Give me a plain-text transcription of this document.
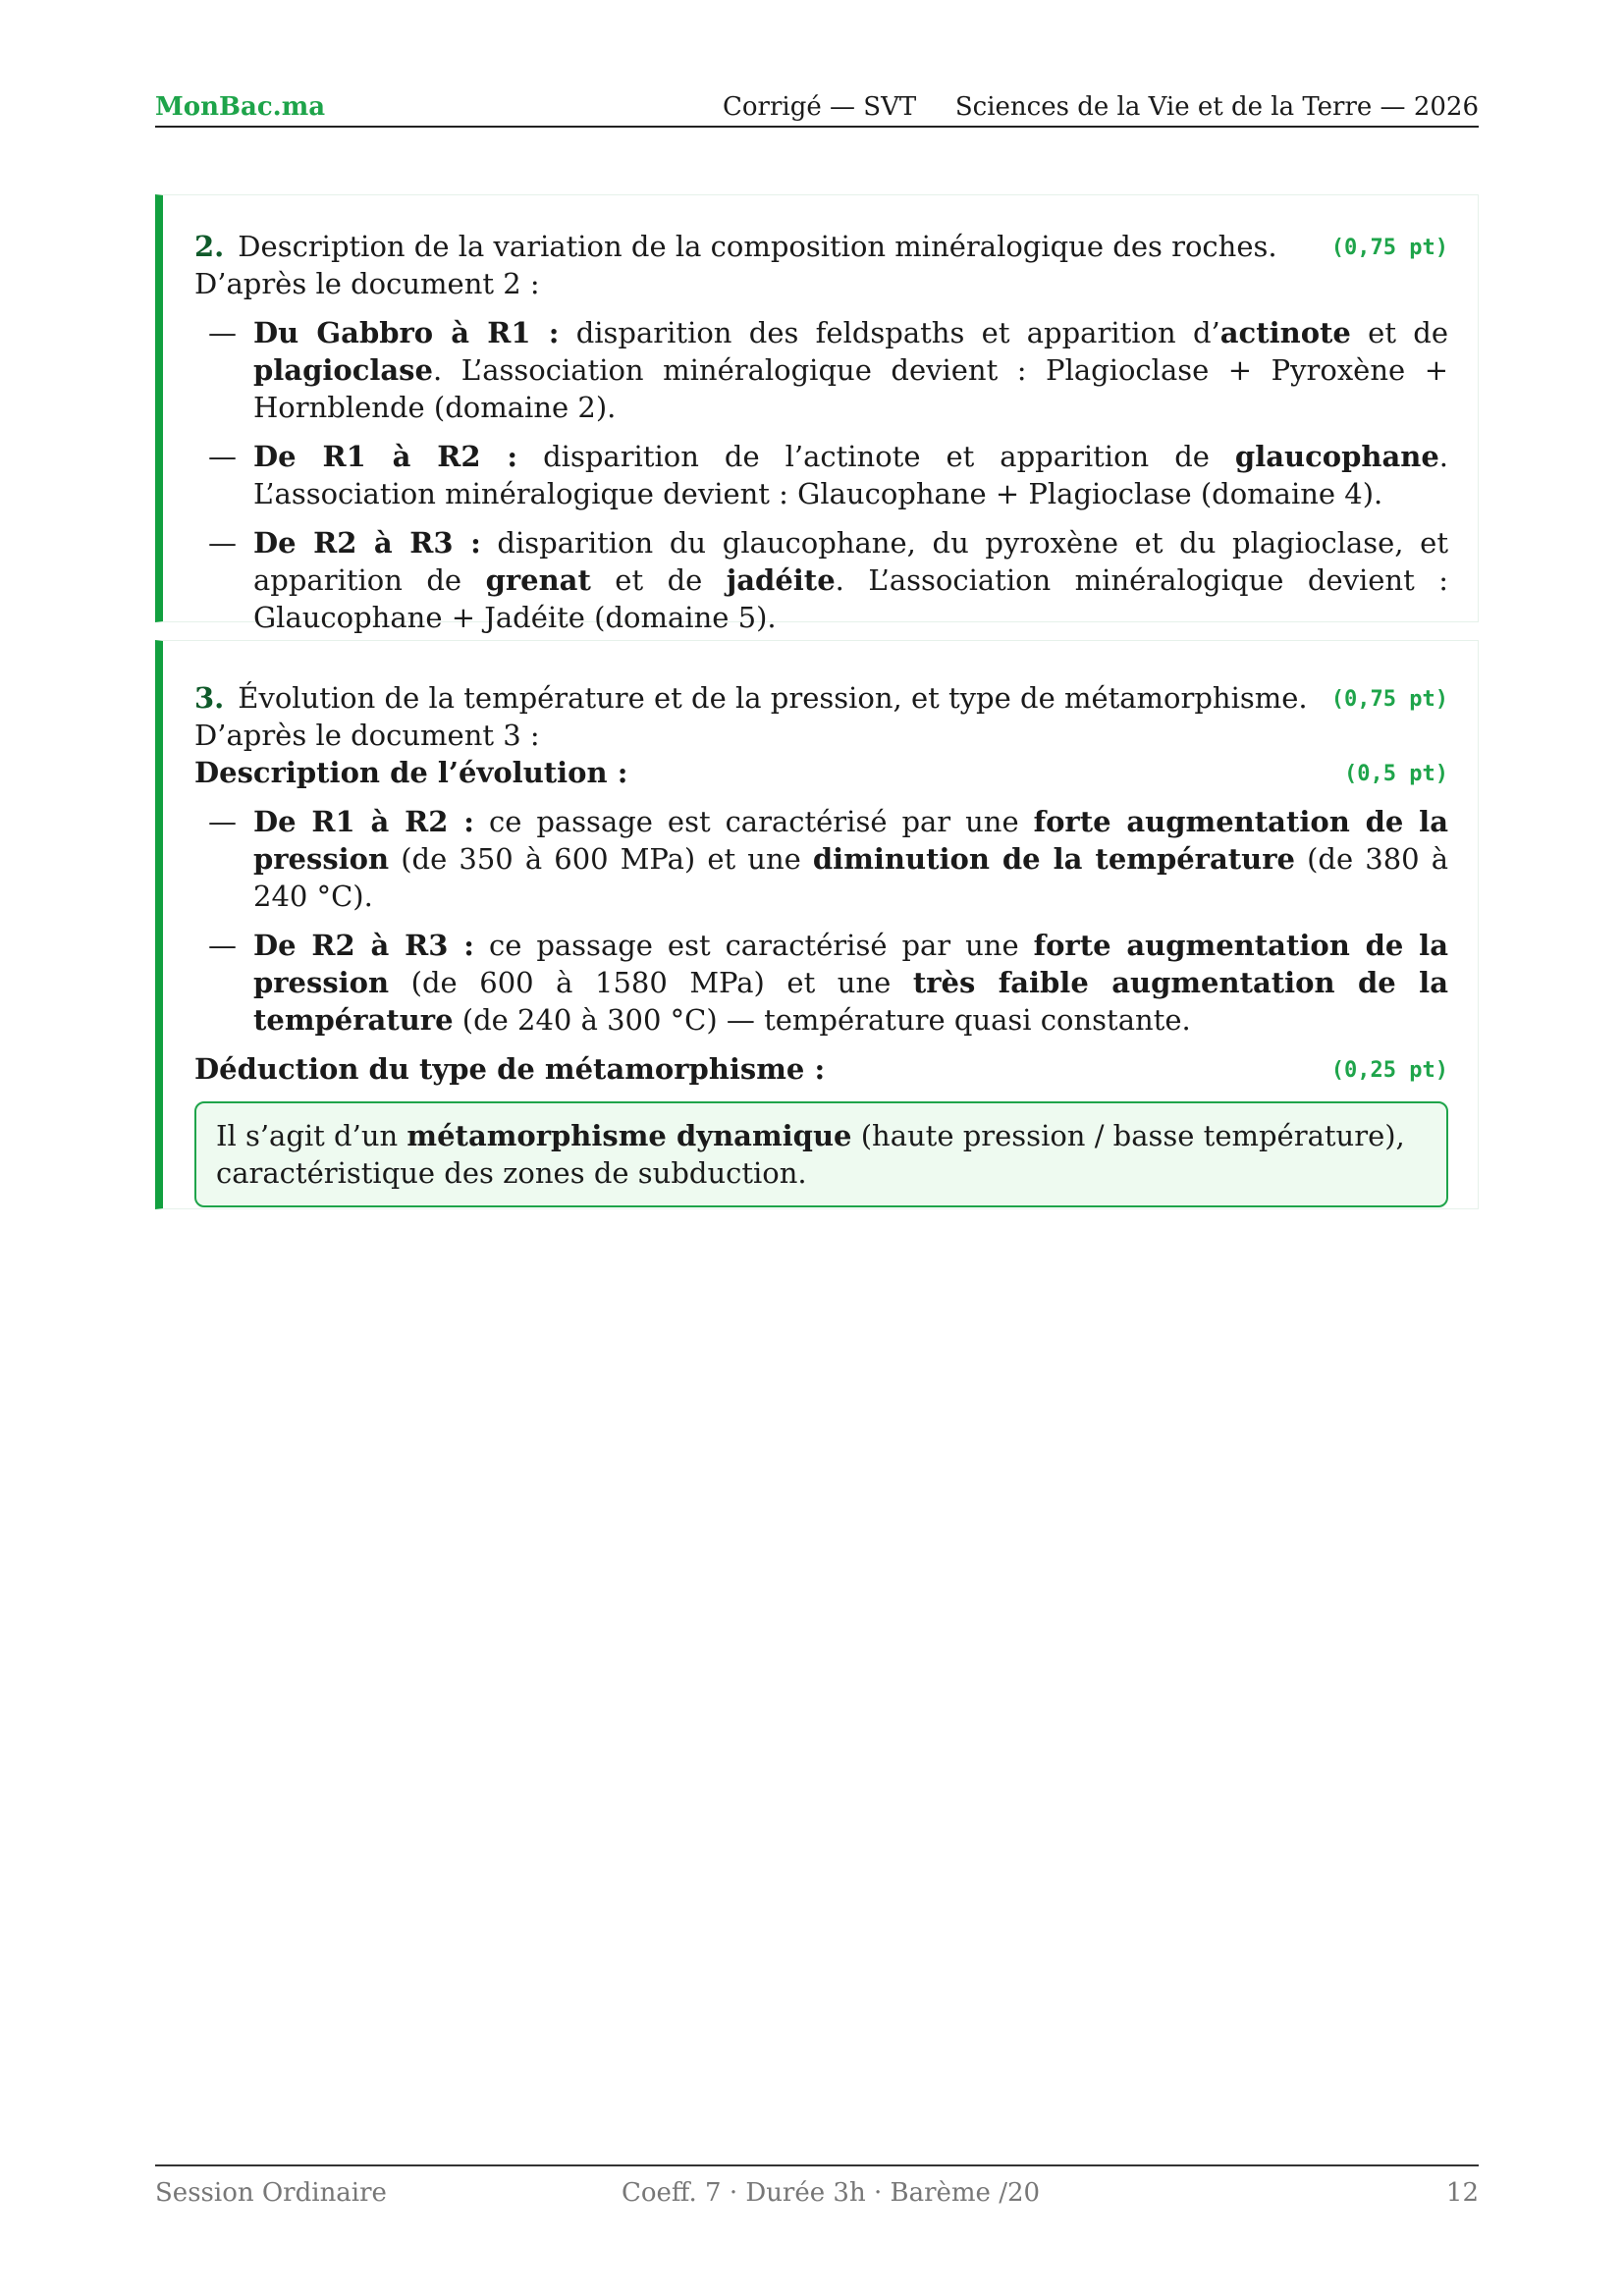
MonBac.ma	Corrigé — SVT	Sciences de la Vie et de la Terre — 2026
2. Description de la variation de la composition minéralogique des roches.	(0,75 pt)
D’après le document 2 :
— Du Gabbro à R1 : disparition des feldspaths et apparition d’actinote et de plagioclase. L’association minéralogique devient : Plagioclase + Pyroxène + Hornblende (domaine 2).
— De R1 à R2 : disparition de l’actinote et apparition de glaucophane. L’association minéralogique devient : Glaucophane + Plagioclase (domaine 4).
— De R2 à R3 : disparition du glaucophane, du pyroxène et du plagioclase, et apparition de grenat et de jadéite. L’association minéralogique devient : Glaucophane + Jadéite (domaine 5).
3. Évolution de la température et de la pression, et type de métamorphisme. (0,75 pt)
D’après le document 3 :
Description de l’évolution :	(0,5 pt)
— De R1 à R2 : ce passage est caractérisé par une forte augmentation de la pression (de 350 à 600 MPa) et une diminution de la température (de 380 à 240 °C).
— De R2 à R3 : ce passage est caractérisé par une forte augmentation de la pression (de 600 à 1580 MPa) et une très faible augmentation de la température (de 240 à 300 °C) — température quasi constante.
Déduction du type de métamorphisme :	(0,25 pt)
Il s’agit d’un métamorphisme dynamique (haute pression / basse température), caractéristique des zones de subduction.
Session Ordinaire	Coeff. 7 · Durée 3h · Barème /20	12
